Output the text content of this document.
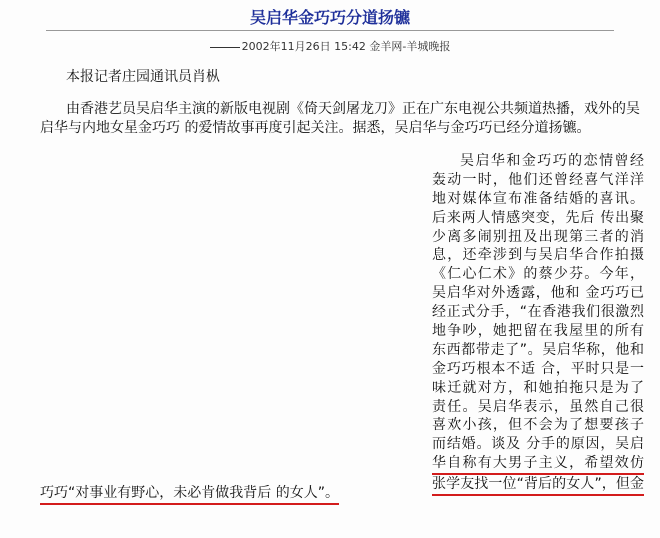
吴启华金巧巧分道扬镳
2002年11月26日 15:42 金羊网-羊城晚报
本报记者庄园通讯员肖枞

由香港艺员吴启华主演的新版电视剧《倚天剑屠龙刀》正在广东电视公共频道热播，戏外的吴启华与内地女星金巧巧 的爱情故事再度引起关注。据悉，吴启华与金巧巧已经分道扬镳。

吴启华和金巧巧的恋情曾经
轰动一时，他们还曾经喜气洋洋
地对媒体宣布准备结婚的喜讯。
后来两人情感突变，先后 传出聚
少离多闹别扭及出现第三者的消
息，还牵涉到与吴启华合作拍摄
《仁心仁术》的蔡少芬。今年，
吴启华对外透露，他和 金巧巧已
经正式分手，“在香港我们很激烈
地争吵，她把留在我屋里的所有
东西都带走了”。吴启华称，他和
金巧巧根本不适 合，平时只是一
味迁就对方，和她拍拖只是为了
责任。吴启华表示，虽然自己很
喜欢小孩，但不会为了想要孩子
而结婚。谈及 分手的原因，吴启
华自称有大男子主义，希望效仿
张学友找一位“背后的女人”，但金
巧巧“对事业有野心，未必肯做我背后 的女人”。
